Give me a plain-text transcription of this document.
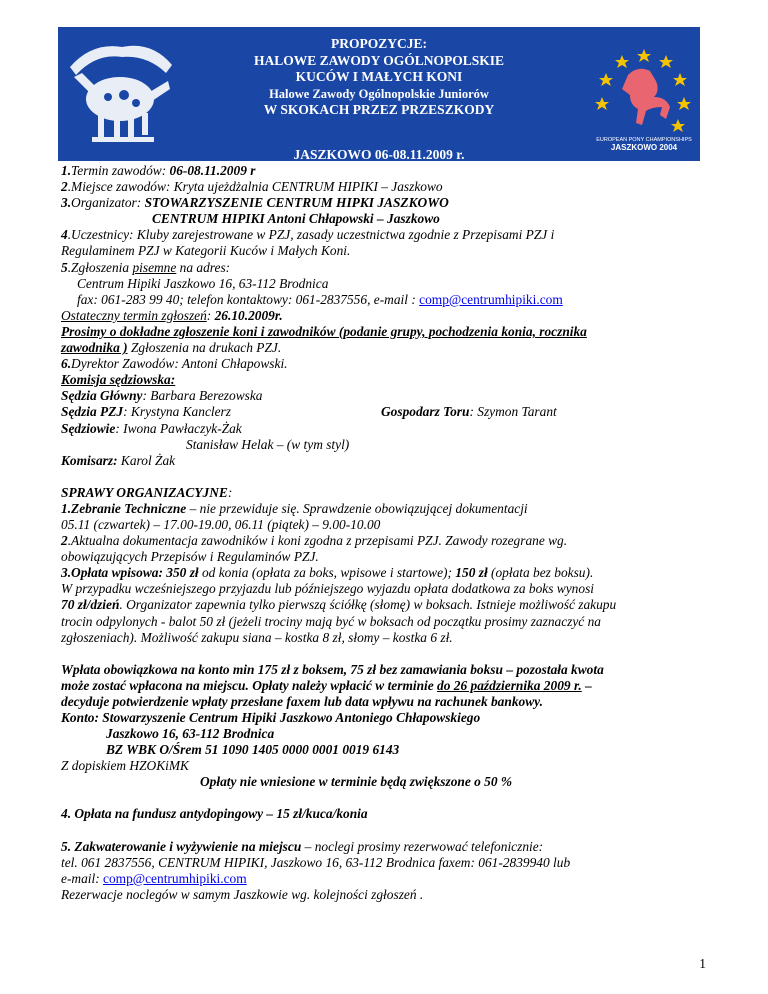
PROPOZYCJE:
HALOWE ZAWODY OGÓLNOPOLSKIE
KUCÓW I MAŁYCH KONI
Halowe Zawody Ogólnopolskie Juniorów
W SKOKACH PRZEZ PRZESZKODY
JASZKOWO 06-08.11.2009 r.
EUROPEAN PONY CHAMPIONSHIPS
JASZKOWO 2004
1.Termin zawodów: 06-08.11.2009 r
2.Miejsce zawodów: Kryta ujeżdżalnia CENTRUM HIPIKI – Jaszkowo
3.Organizator: STOWARZYSZENIE CENTRUM HIPKI JASZKOWO
CENTRUM HIPIKI Antoni Chłapowski – Jaszkowo
4.Uczestnicy: Kluby zarejestrowane w PZJ, zasady uczestnictwa zgodnie z Przepisami PZJ i
Regulaminem PZJ w Kategorii Kuców i Małych Koni.
5.Zgłoszenia pisemne na adres:
Centrum Hipiki Jaszkowo 16, 63-112 Brodnica
fax: 061-283 99 40; telefon kontaktowy: 061-2837556, e-mail : comp@centrumhipiki.com
Ostateczny termin zgłoszeń: 26.10.2009r.
Prosimy o dokładne zgłoszenie koni i zawodników (podanie grupy, pochodzenia konia, rocznika
zawodnika ) Zgłoszenia na drukach PZJ.
6.Dyrektor Zawodów: Antoni Chłapowski.
Komisja sędziowska:
Sędzia Główny: Barbara Berezowska
Sędzia PZJ: Krystyna Kanclerz	Gospodarz Toru: Szymon Tarant
Sędziowie: Iwona Pawłaczyk-Żak
Stanisław Helak – (w tym styl)
Komisarz: Karol Żak
SPRAWY ORGANIZACYJNE:
1.Zebranie Techniczne – nie przewiduje się. Sprawdzenie obowiązującej dokumentacji
05.11 (czwartek) – 17.00-19.00, 06.11 (piątek) – 9.00-10.00
2.Aktualna dokumentacja zawodników i koni zgodna z przepisami PZJ. Zawody rozegrane wg.
obowiązujących Przepisów i Regulaminów PZJ.
3.Opłata wpisowa: 350 zł od konia (opłata za boks, wpisowe i startowe); 150 zł (opłata bez boksu).
W przypadku wcześniejszego przyjazdu lub późniejszego wyjazdu opłata dodatkowa za boks wynosi
70 zł/dzień. Organizator zapewnia tylko pierwszą ściółkę (słomę) w boksach. Istnieje możliwość zakupu
trocin odpylonych - balot 50 zł (jeżeli trociny mają być w boksach od początku prosimy zaznaczyć na
zgłoszeniach). Możliwość zakupu siana – kostka 8 zł, słomy – kostka 6 zł.
Wpłata obowiązkowa na konto min 175 zł z boksem, 75 zł bez zamawiania boksu – pozostała kwota
może zostać wpłacona na miejscu. Opłaty należy wpłacić w terminie do 26 października 2009 r. –
decyduje potwierdzenie wpłaty przesłane faxem lub data wpływu na rachunek bankowy.
Konto: Stowarzyszenie Centrum Hipiki Jaszkowo Antoniego Chłapowskiego
Jaszkowo 16, 63-112 Brodnica
BZ WBK O/Śrem 51 1090 1405 0000 0001 0019 6143
Z dopiskiem HZOKiMK
Opłaty nie wniesione w terminie będą zwiększone o 50 %
4. Opłata na fundusz antydopingowy – 15 zł/kuca/konia
5. Zakwaterowanie i wyżywienie na miejscu – noclegi prosimy rezerwować telefonicznie:
tel. 061 2837556, CENTRUM HIPIKI, Jaszkowo 16, 63-112 Brodnica faxem: 061-2839940 lub
e-mail: comp@centrumhipiki.com
Rezerwacje noclegów w samym Jaszkowie wg. kolejności zgłoszeń .
1
